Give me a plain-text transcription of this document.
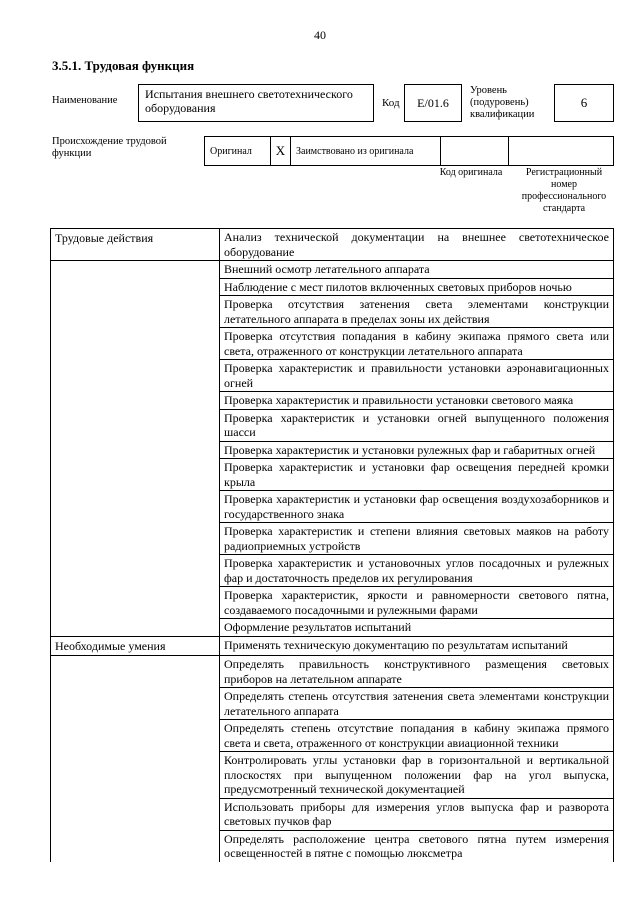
40
3.5.1. Трудовая функция
Наименование	Испытания внешнего светотехнического оборудования	Код	E/01.6
Уровень (подуровень) квалификации
6
Происхождение трудовой функции	Оригинал	X	Заимствовано из оригинала
Код оригинала	Регистрационный номер профессионального стандарта
Трудовые действия	Анализ технической документации на внешнее светотехническое оборудование
	Внешний осмотр летательного аппарата
	Наблюдение с мест пилотов включенных световых приборов ночью
	Проверка отсутствия затенения света элементами конструкции летательного аппарата в пределах зоны их действия
	Проверка отсутствия попадания в кабину экипажа прямого света или света, отраженного от конструкции летательного аппарата
	Проверка характеристик и правильности установки аэронавигационных огней
	Проверка характеристик и правильности установки светового маяка
	Проверка характеристик и установки огней выпущенного положения шасси
	Проверка характеристик и установки рулежных фар и габаритных огней
	Проверка характеристик и установки фар освещения передней кромки крыла
	Проверка характеристик и установки фар освещения воздухозаборников и государственного знака
	Проверка характеристик и степени влияния световых маяков на работу радиоприемных устройств
	Проверка характеристик и установочных углов посадочных и рулежных фар и достаточность пределов их регулирования
	Проверка характеристик, яркости и равномерности светового пятна, создаваемого посадочными и рулежными фарами
	Оформление результатов испытаний
Необходимые умения	Применять техническую документацию по результатам испытаний
	Определять правильность конструктивного размещения световых приборов на летательном аппарате
	Определять степень отсутствия затенения света элементами конструкции летательного аппарата
	Определять степень отсутствие попадания в кабину экипажа прямого света и света, отраженного от конструкции авиационной техники
	Контролировать углы установки фар в горизонтальной и вертикальной плоскостях при выпущенном положении фар на угол выпуска, предусмотренный технической документацией
	Использовать приборы для измерения углов выпуска фар и разворота световых пучков фар
	Определять расположение центра светового пятна путем измерения освещенностей в пятне с помощью люксметра
